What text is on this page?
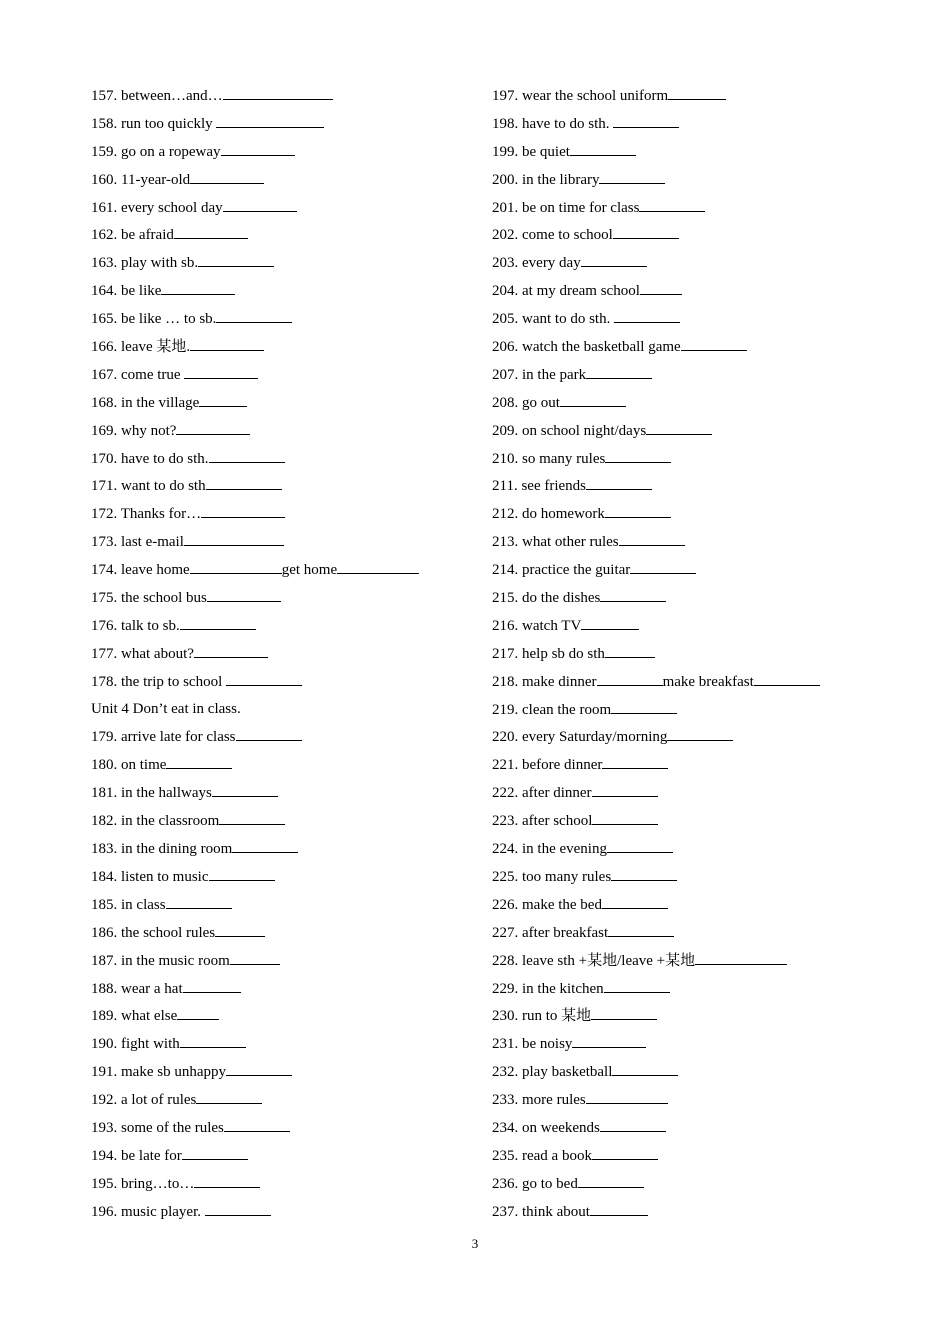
157. between…and…
158. run too quickly
159. go on a ropeway
160. 11-year-old
161. every school day
162. be afraid
163. play with sb.
164. be like
165. be like … to sb.
166. leave 某地.
167. come true
168. in the village
169. why not?
170. have to do sth.
171. want to do sth
172. Thanks for…
173. last e-mail
174. leave home	get home
175. the school bus
176. talk to sb.
177. what about?
178. the trip to school
Unit 4 Don’t eat in class.
179. arrive late for class
180. on time
181. in the hallways
182. in the classroom
183. in the dining room
184. listen to music
185. in class
186. the school rules
187. in the music room
188. wear a hat
189. what else
190. fight with
191. make sb unhappy
192. a lot of rules
193. some of the rules
194. be late for
195. bring…to…
196. music player.
197. wear the school uniform
198. have to do sth.
199. be quiet
200. in the library
201. be on time for class
202. come to school
203. every day
204. at my dream school
205. want to do sth.
206. watch the basketball game
207. in the park
208. go out
209. on school night/days
210. so many rules
211. see friends
212. do homework
213. what other rules
214. practice the guitar
215. do the dishes
216. watch TV
217. help sb do sth
218. make dinner	make breakfast
219. clean the room
220. every Saturday/morning
221. before dinner
222. after dinner
223. after school
224. in the evening
225. too many rules
226. make the bed
227. after breakfast
228. leave sth +某地/leave +某地
229. in the kitchen
230. run to 某地
231. be noisy
232. play basketball
233. more rules
234. on weekends
235. read a book
236. go to bed
237. think about
3
